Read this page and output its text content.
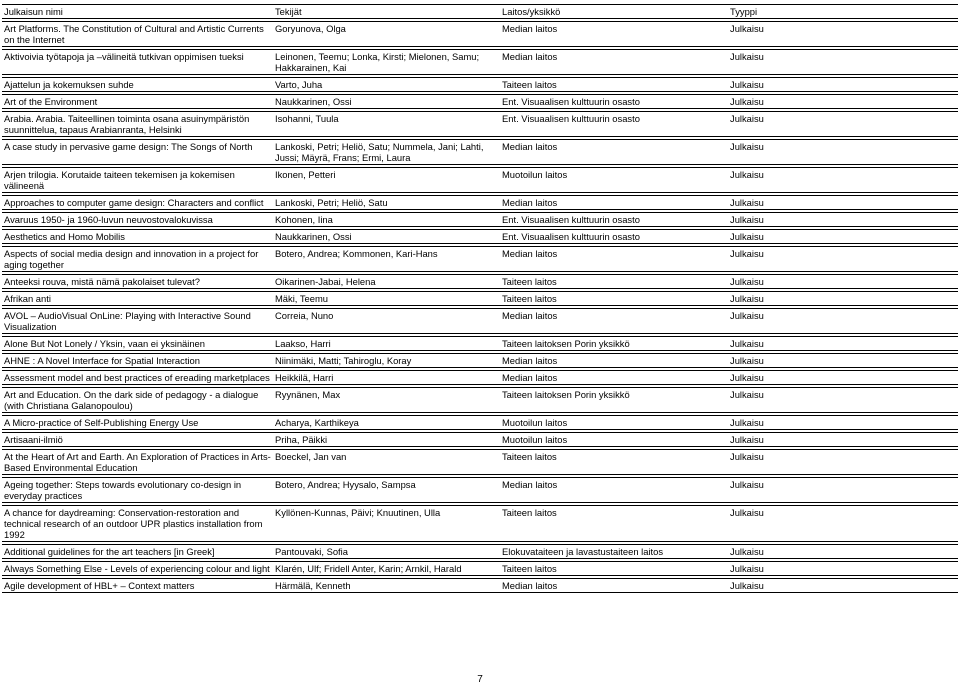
Julkaisun nimi	Tekijät	Laitos/yksikkö	Tyyppi
Art Platforms. The Constitution of Cultural and Artistic Currents on the Internet	Goryunova, Olga	Median laitos	Julkaisu
Aktivoivia työtapoja ja –välineitä tutkivan oppimisen tueksi	Leinonen, Teemu; Lonka, Kirsti; Mielonen, Samu; Hakkarainen, Kai	Median laitos	Julkaisu
Ajattelun ja kokemuksen suhde	Varto, Juha	Taiteen laitos	Julkaisu
Art of the Environment	Naukkarinen, Ossi	Ent. Visuaalisen kulttuurin osasto	Julkaisu
Arabia. Arabia. Taiteellinen toiminta osana asuinympäristön suunnittelua, tapaus Arabianranta, Helsinki	Isohanni, Tuula	Ent. Visuaalisen kulttuurin osasto	Julkaisu
A case study in pervasive game design: The Songs of North	Lankoski, Petri; Heliö, Satu; Nummela, Jani; Lahti, Jussi; Mäyrä, Frans; Ermi, Laura	Median laitos	Julkaisu
Arjen trilogia. Korutaide taiteen tekemisen ja kokemisen välineenä	Ikonen, Petteri	Muotoilun laitos	Julkaisu
Approaches to computer game design: Characters and conflict	Lankoski, Petri; Heliö, Satu	Median laitos	Julkaisu
Avaruus 1950- ja 1960-luvun neuvostovalokuvissa	Kohonen, Iina	Ent. Visuaalisen kulttuurin osasto	Julkaisu
Aesthetics and Homo Mobilis	Naukkarinen, Ossi	Ent. Visuaalisen kulttuurin osasto	Julkaisu
Aspects of social media design and innovation in a project for aging together	Botero, Andrea; Kommonen, Kari-Hans	Median laitos	Julkaisu
Anteeksi rouva, mistä nämä pakolaiset tulevat?	Oikarinen-Jabai, Helena	Taiteen laitos	Julkaisu
Afrikan anti	Mäki, Teemu	Taiteen laitos	Julkaisu
AVOL – AudioVisual OnLine: Playing with Interactive Sound Visualization	Correia, Nuno	Median laitos	Julkaisu
Alone But Not Lonely / Yksin, vaan ei yksinäinen	Laakso, Harri	Taiteen laitoksen Porin yksikkö	Julkaisu
AHNE : A Novel Interface for Spatial Interaction	Niinimäki, Matti; Tahiroglu, Koray	Median laitos	Julkaisu
Assessment model and best practices of ereading marketplaces	Heikkilä, Harri	Median laitos	Julkaisu
Art and Education. On the dark side of pedagogy - a dialogue (with Christiana Galanopoulou)	Ryynänen, Max	Taiteen laitoksen Porin yksikkö	Julkaisu
A Micro-practice of Self-Publishing Energy Use	Acharya, Karthikeya	Muotoilun laitos	Julkaisu
Artisaani-ilmiö	Priha, Päikki	Muotoilun laitos	Julkaisu
At the Heart of Art and Earth. An Exploration of Practices in Arts-Based Environmental Education	Boeckel, Jan van	Taiteen laitos	Julkaisu
Ageing together: Steps towards evolutionary co-design in everyday practices	Botero, Andrea; Hyysalo, Sampsa	Median laitos	Julkaisu
A chance for daydreaming: Conservation-restoration and technical research of an outdoor UPR plastics installation from 1992	Kyllönen-Kunnas, Päivi; Knuutinen, Ulla	Taiteen laitos	Julkaisu
Additional guidelines for the art teachers [in Greek]	Pantouvaki, Sofia	Elokuvataiteen ja lavastustaiteen laitos	Julkaisu
Always Something Else - Levels of experiencing colour and light	Klarén, Ulf; Fridell Anter, Karin; Arnkil, Harald	Taiteen laitos	Julkaisu
Agile development of HBL+ – Context matters	Härmälä, Kenneth	Median laitos	Julkaisu
7
